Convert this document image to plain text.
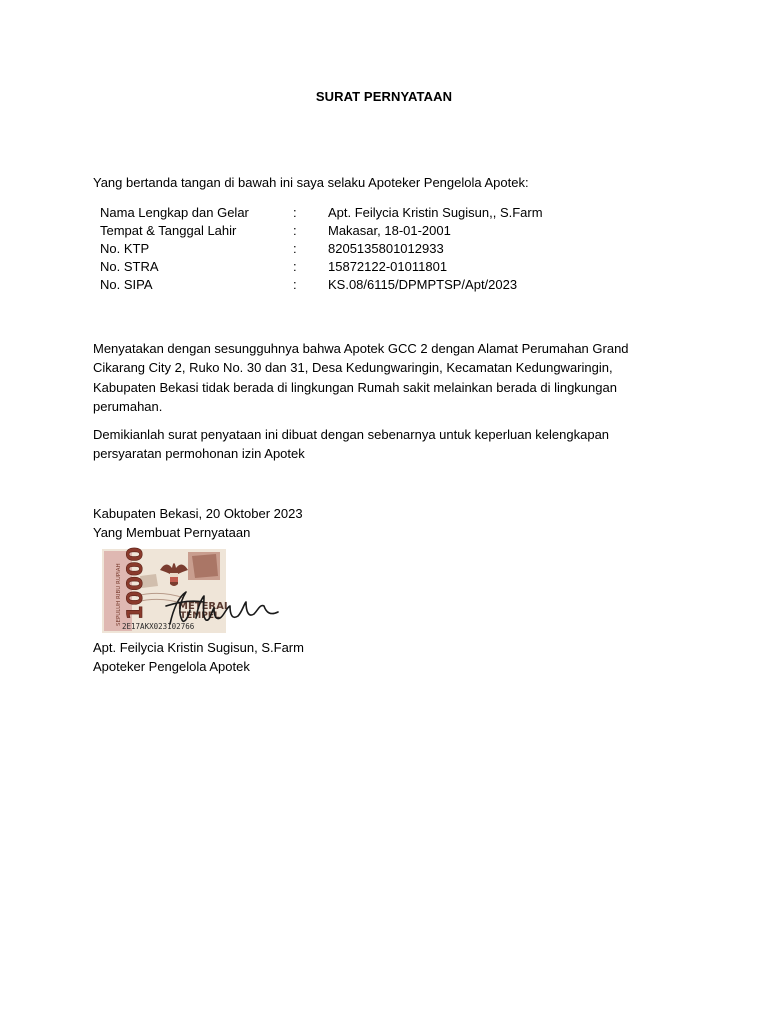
SURAT PERNYATAAN
Yang bertanda tangan di bawah ini saya selaku Apoteker Pengelola Apotek:
Nama Lengkap dan Gelar	:	Apt. Feilycia Kristin Sugisun,, S.Farm
Tempat & Tanggal Lahir	:	Makasar, 18-01-2001
No. KTP	:	8205135801012933
No. STRA	:	15872122-01011801
No. SIPA	:	KS.08/6115/DPMPTSP/Apt/2023
Menyatakan dengan sesungguhnya bahwa Apotek GCC 2 dengan Alamat Perumahan Grand
Cikarang City 2, Ruko No. 30 dan 31, Desa Kedungwaringin, Kecamatan Kedungwaringin,
Kabupaten Bekasi tidak berada di lingkungan Rumah sakit melainkan berada di lingkungan
perumahan.
Demikianlah surat penyataan ini dibuat dengan sebenarnya untuk keperluan kelengkapan
persyaratan permohonan izin Apotek
Kabupaten Bekasi, 20 Oktober 2023
Yang Membuat Pernyataan
SEPULUH RIBU RUPIAH 10000	METERAI
TEMPEL
2E17AKX023102766
Apt. Feilycia Kristin Sugisun, S.Farm
Apoteker Pengelola Apotek
